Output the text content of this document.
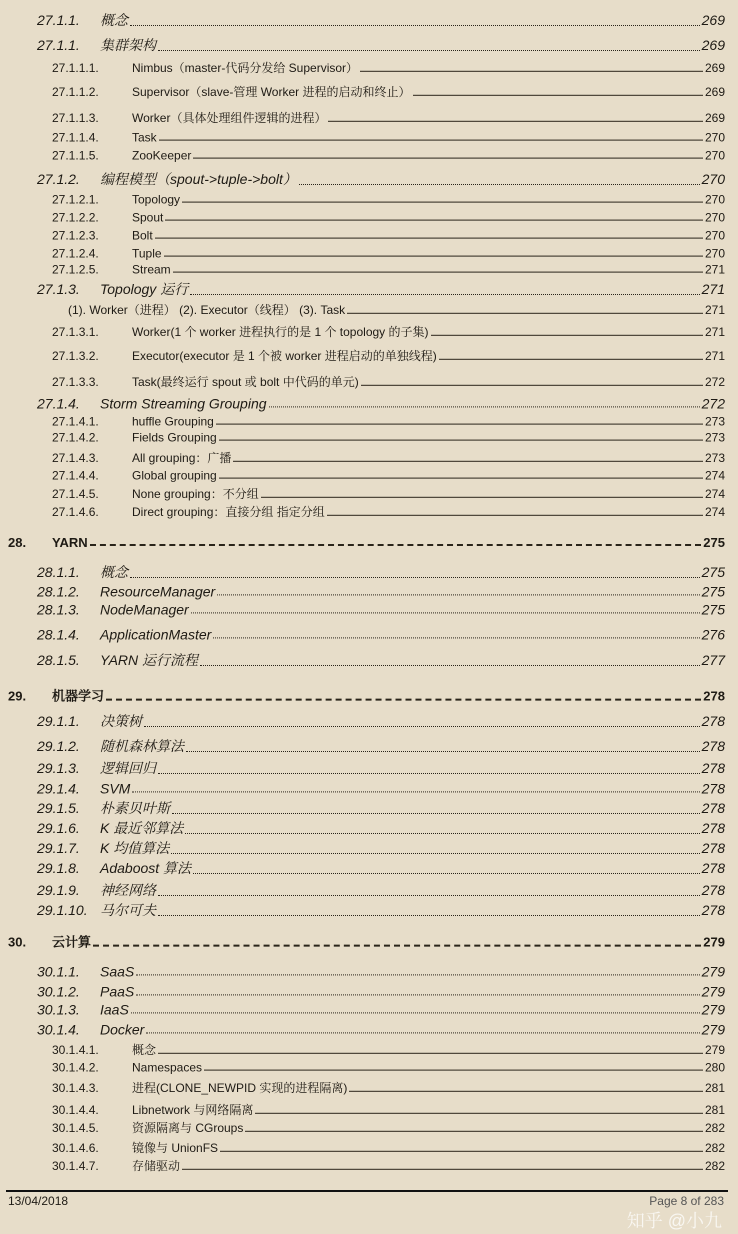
27.1.1.	概念	269
27.1.1.	集群架构	269
27.1.1.1.	Nimbus（master-代码分发给 Supervisor）	269
27.1.1.2.	Supervisor（slave-管理 Worker 进程的启动和终止）	269
27.1.1.3.	Worker（具体处理组件逻辑的进程）	269
27.1.1.4.	Task	270
27.1.1.5.	ZooKeeper	270
27.1.2.	编程模型（spout->tuple->bolt）	270
27.1.2.1.	Topology	270
27.1.2.2.	Spout	270
27.1.2.3.	Bolt	270
27.1.2.4.	Tuple	270
27.1.2.5.	Stream	271
27.1.3.	Topology 运行	271
(1). Worker（进程） (2). Executor（线程） (3). Task	271
27.1.3.1.	Worker(1 个 worker 进程执行的是 1 个 topology 的子集)	271
27.1.3.2.	Executor(executor 是 1 个被 worker 进程启动的单独线程)	271
27.1.3.3.	Task(最终运行 spout 或 bolt 中代码的单元)	272
27.1.4.	Storm Streaming Grouping	272
27.1.4.1.	huffle Grouping	273
27.1.4.2.	Fields Grouping	273
27.1.4.3.	All grouping：广播	273
27.1.4.4.	Global grouping	274
27.1.4.5.	None grouping：不分组	274
27.1.4.6.	Direct grouping：直接分组 指定分组	274
28.	YARN	275
28.1.1.	概念	275
28.1.2.	ResourceManager	275
28.1.3.	NodeManager	275
28.1.4.	ApplicationMaster	276
28.1.5.	YARN 运行流程	277
29.	机器学习	278
29.1.1.	决策树	278
29.1.2.	随机森林算法	278
29.1.3.	逻辑回归	278
29.1.4.	SVM	278
29.1.5.	朴素贝叶斯	278
29.1.6.	K 最近邻算法	278
29.1.7.	K 均值算法	278
29.1.8.	Adaboost 算法	278
29.1.9.	神经网络	278
29.1.10. 马尔可夫	278
30.	云计算	279
30.1.1.	SaaS	279
30.1.2.	PaaS	279
30.1.3.	IaaS	279
30.1.4.	Docker	279
30.1.4.1.	概念	279
30.1.4.2.	Namespaces	280
30.1.4.3.	进程(CLONE_NEWPID 实现的进程隔离)	281
30.1.4.4.	Libnetwork 与网络隔离	281
30.1.4.5.	资源隔离与 CGroups	282
30.1.4.6.	镜像与 UnionFS	282
30.1.4.7.	存储驱动	282
13/04/2018	Page 8 of 283
知乎 @小九
